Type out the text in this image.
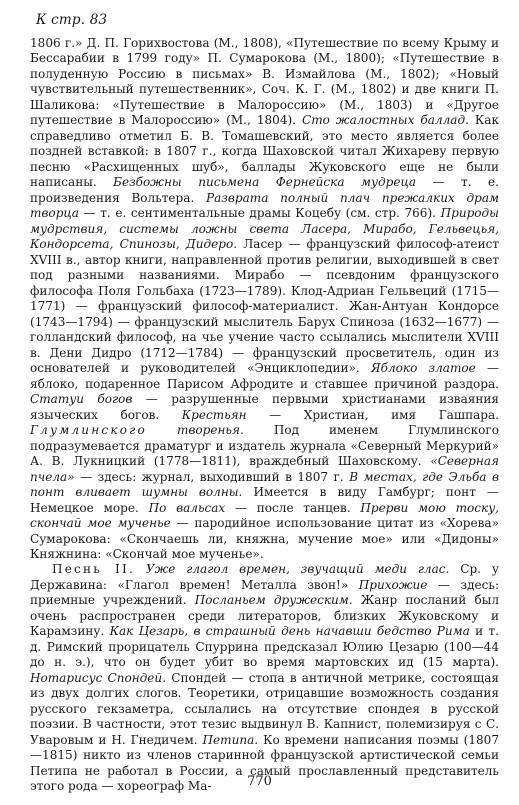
К стр. 83

1806 г.» Д. П. Горихвостова (М., 1808), «Путешествие по всему Крыму и Бессарабии в 1799 году» П. Сумарокова (М., 1800); «Путешествие в полуденную Россию в письмах» В. Измайлова (М., 1802); «Новый чувствительный путешественник», Соч. К. Г. (М., 1802) и две книги П. Шаликова: «Путешествие в Малороссию» (М., 1803) и «Другое путешествие в Малороссию» (М., 1804). Сто жалостных баллад. Как справедливо отметил Б. В. Томашевский, это место является более поздней вставкой: в 1807 г., когда Шаховской читал Жихареву первую песню «Расхищенных шуб», баллады Жуковского еще не были написаны. Безбожны письмена Фернейска мудреца — т. е. произведения Вольтера. Разврата полный плач прежалких драм творца — т. е. сентиментальные драмы Коцебу (см. стр. 766). Природы мудрствия, системы ложны света Ласера, Мирабо, Гельвецья, Кондорсета, Спинозы, Дидеро. Ласер — французский философ-атеист XVIII в., автор книги, направленной против религии, выходившей в свет под разными названиями. Мирабо — псевдоним французского философа Поля Гольбаха (1723—1789). Клод-Адриан Гельвеций (1715—1771) — французский философ-материалист. Жан-Антуан Кондорсе (1743—1794) — французский мыслитель Барух Спиноза (1632—1677) — голландский философ, на чье учение часто ссылались мыслители XVIII в. Дени Дидро (1712—1784) — французский просветитель, один из основателей и руководителей «Энциклопедии». Яблоко златое — яблоко, подаренное Парисом Афродите и ставшее причиной раздора. Статуи богов — разрушенные первыми христианами изваяния языческих богов. Крестьян — Христиан, имя Гашпара. Глумлинского творенья. Под именем Глумлинского подразумевается драматург и издатель журнала «Северный Меркурий» А. В. Лукницкий (1778—1811), враждебный Шаховскому. «Северная пчела» — здесь: журнал, выходивший в 1807 г. В местах, где Эльба в понт вливает шумны волны. Имеется в виду Гамбург; понт — Немецкое море. По вальсах — после танцев. Прерви мою тоску, скончай мое мученье — пародийное использование цитат из «Хорева» Сумарокова: «Скончаешь ли, княжна, мучение мое» или «Дидоны» Княжнина: «Скончай мое мученье».

Песнь II. Уже глагол времен, звучащий меди глас. Ср. у Державина: «Глагол времен! Металла звон!» Прихожие — здесь: приемные учреждений. Посланьем дружеским. Жанр посланий был очень распространен среди литераторов, близких Жуковскому и Карамзину. Как Цезарь, в страшный день начавши бедство Рима и т. д. Римский прорицатель Спуррина предсказал Юлию Цезарю (100—44 до н. э.), что он будет убит во время мартовских ид (15 марта). Нотарисус Спондей. Спондей — стопа в античной метрике, состоящая из двух долгих слогов. Теоретики, отрицавшие возможность создания русского гекзаметра, ссылались на отсутствие спондея в русской поэзии. В частности, этот тезис выдвинул В. Капнист, полемизируя с С. Уваровым и Н. Гнедичем. Петипа. Ко времени написания поэмы (1807—1815) никто из членов старинной французской артистической семьи Петипа не работал в России, а самый прославленный представитель этого рода — хореограф Ма-	770
